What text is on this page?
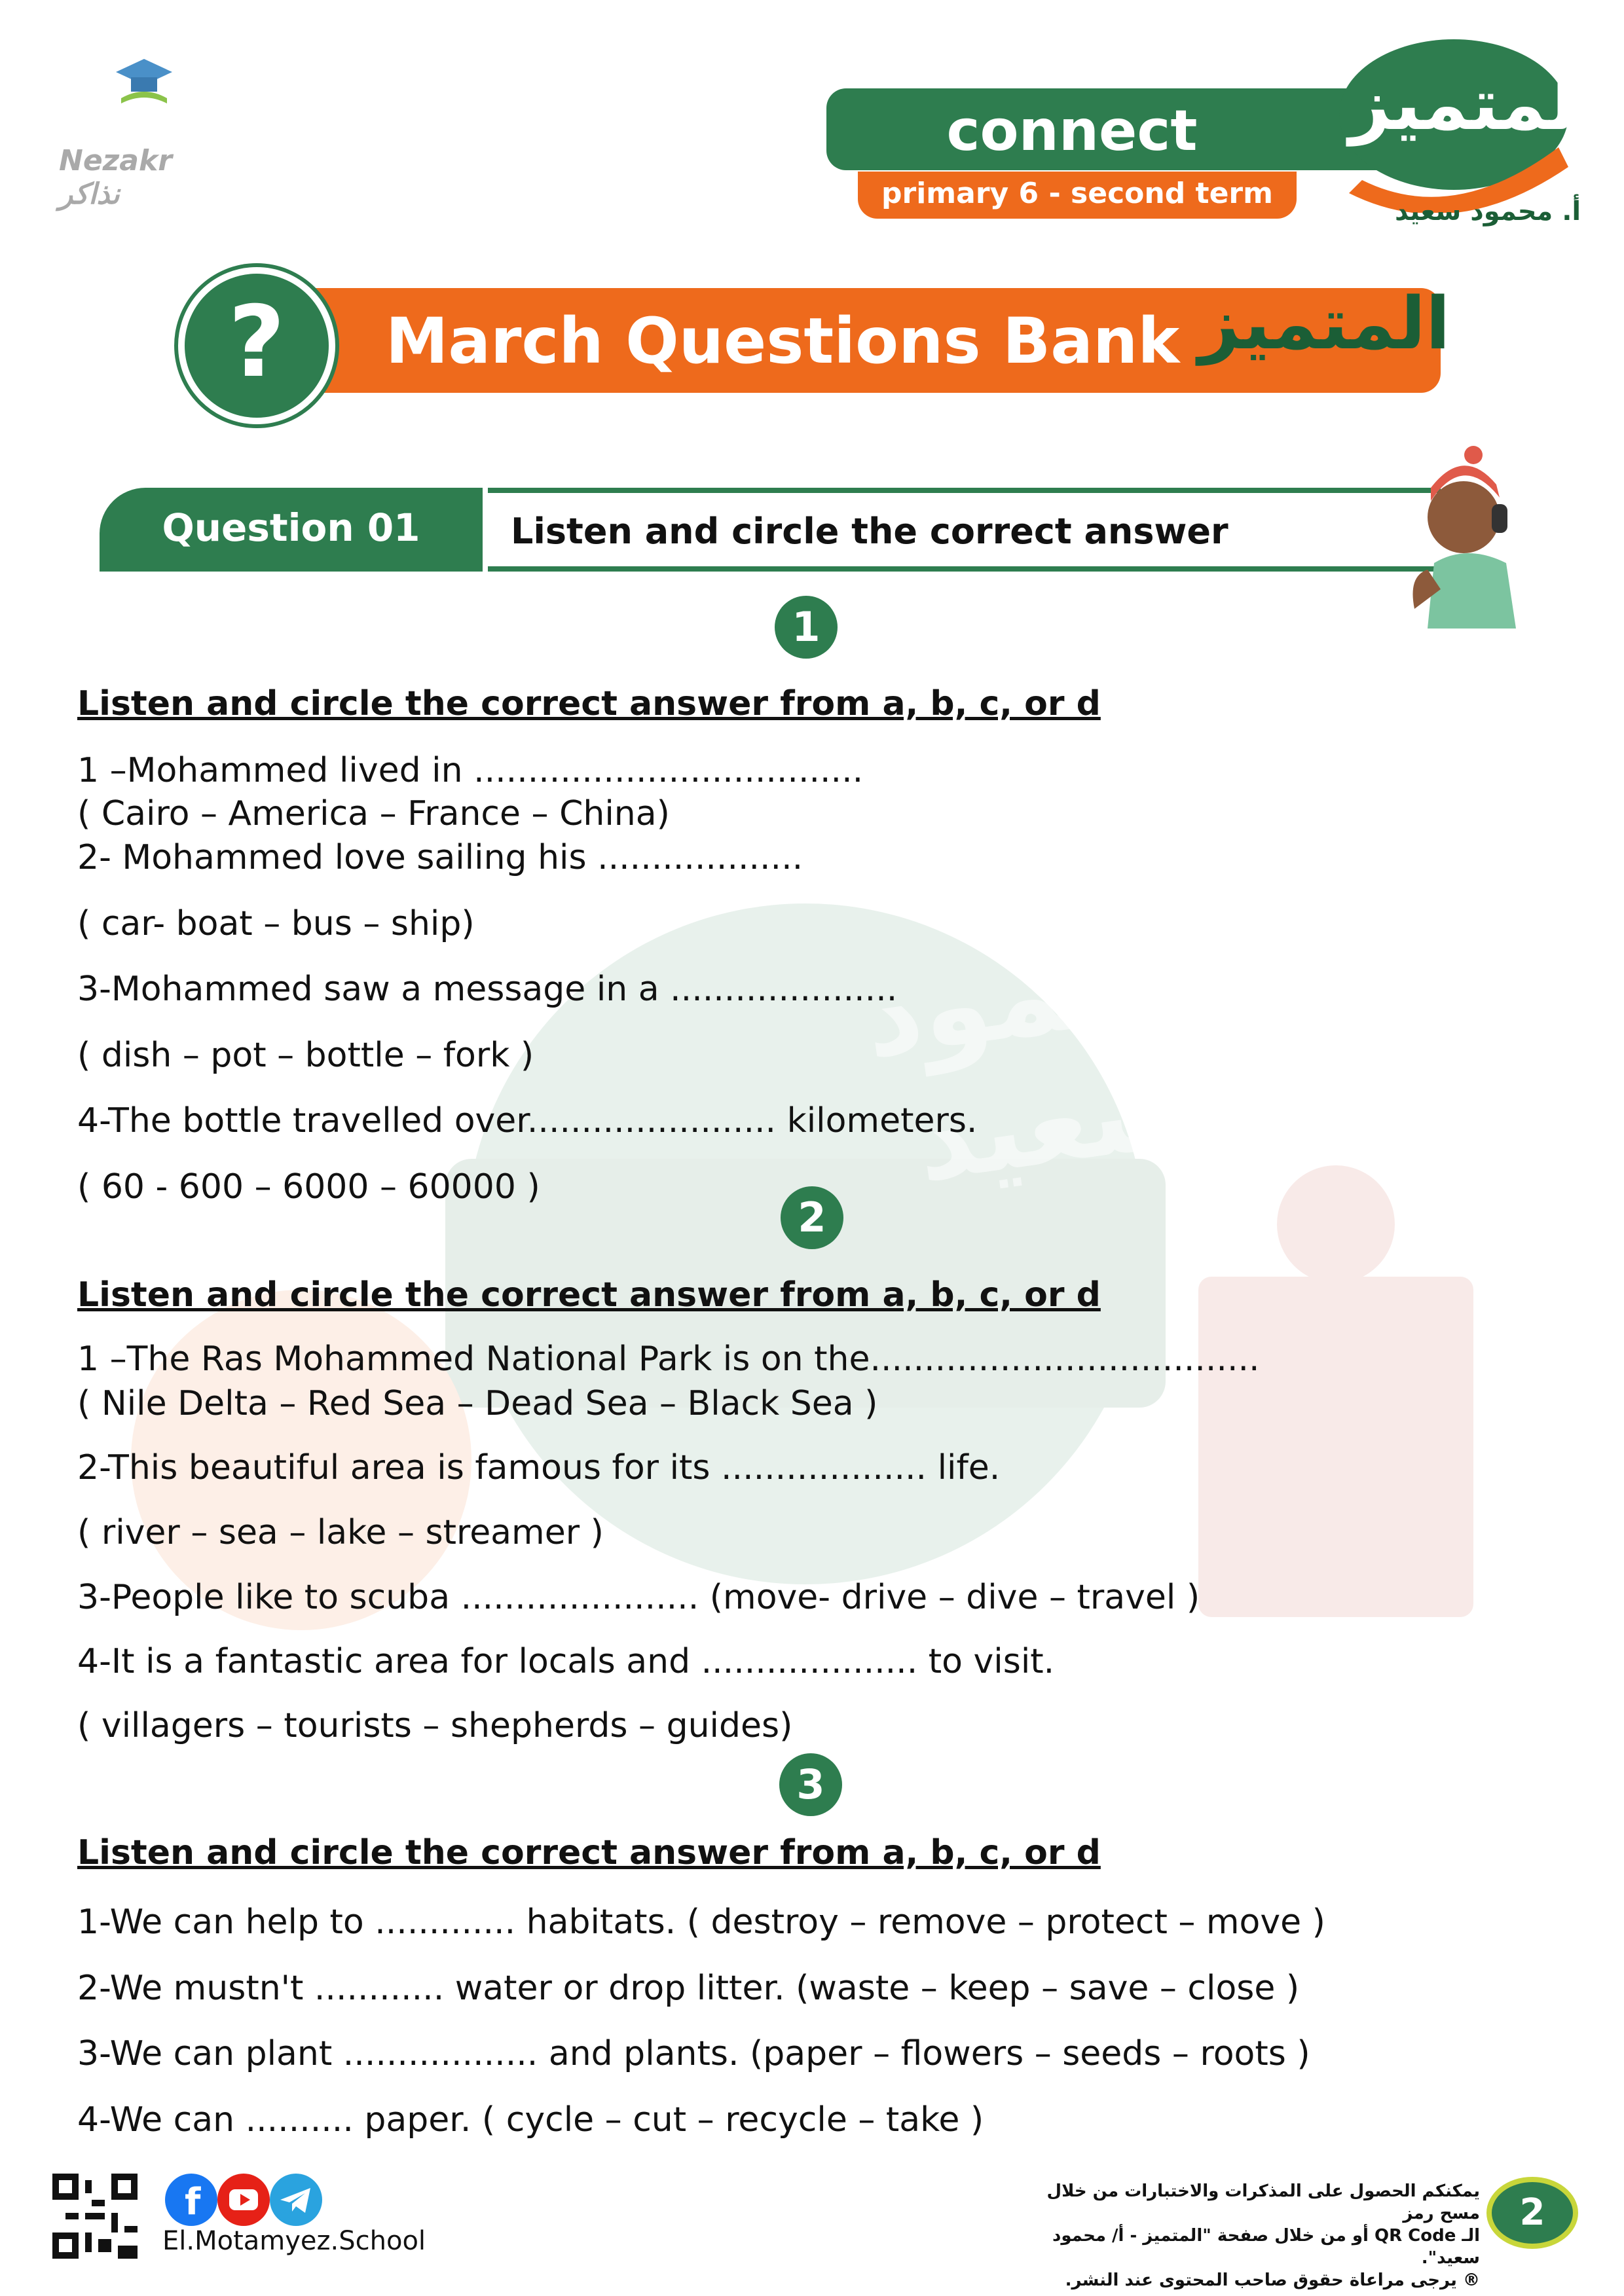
محمود سعيد
Nezakr نذاكر
connect
primary 6 - second term
المتميز
أ. محمود سعيد
?	March Questions Bank المتميز
Question 01	Listen and circle the correct answer
1
Listen and circle the correct answer from a, b, c, or d
1 –Mohammed lived in ....................................
( Cairo – America – France – China)
2- Mohammed love sailing his ...................
( car- boat – bus – ship)
3-Mohammed saw a message in a .....................
( dish – pot – bottle – fork )
4-The bottle travelled over....................... kilometers.
( 60 - 600 – 6000 – 60000 )
2
Listen and circle the correct answer from a, b, c, or d
1 –The Ras Mohammed National Park is on the....................................
( Nile Delta – Red Sea – Dead Sea – Black Sea )
2-This beautiful area is famous for its ................... life.
( river – sea – lake – streamer )
3-People like to scuba ...................... (move- drive – dive – travel )
4-It is a fantastic area for locals and .................... to visit.
( villagers – tourists – shepherds – guides)
3
Listen and circle the correct answer from a, b, c, or d
1-We can help to ............. habitats. ( destroy – remove – protect – move )
2-We mustn't ............ water or drop litter. (waste – keep – save – close )
3-We can plant .................. and plants. (paper – flowers – seeds – roots )
4-We can .......... paper. ( cycle – cut – recycle – take )
f
El.Motamyez.School
يمكنكم الحصول على المذكرات والاختبارات من خلال مسح رمز
الـ QR Code أو من خلال صفحة "المتميز - أ/ محمود سعيد".
® يرجى مراعاة حقوق صاحب المحتوى عند النشر.
2
